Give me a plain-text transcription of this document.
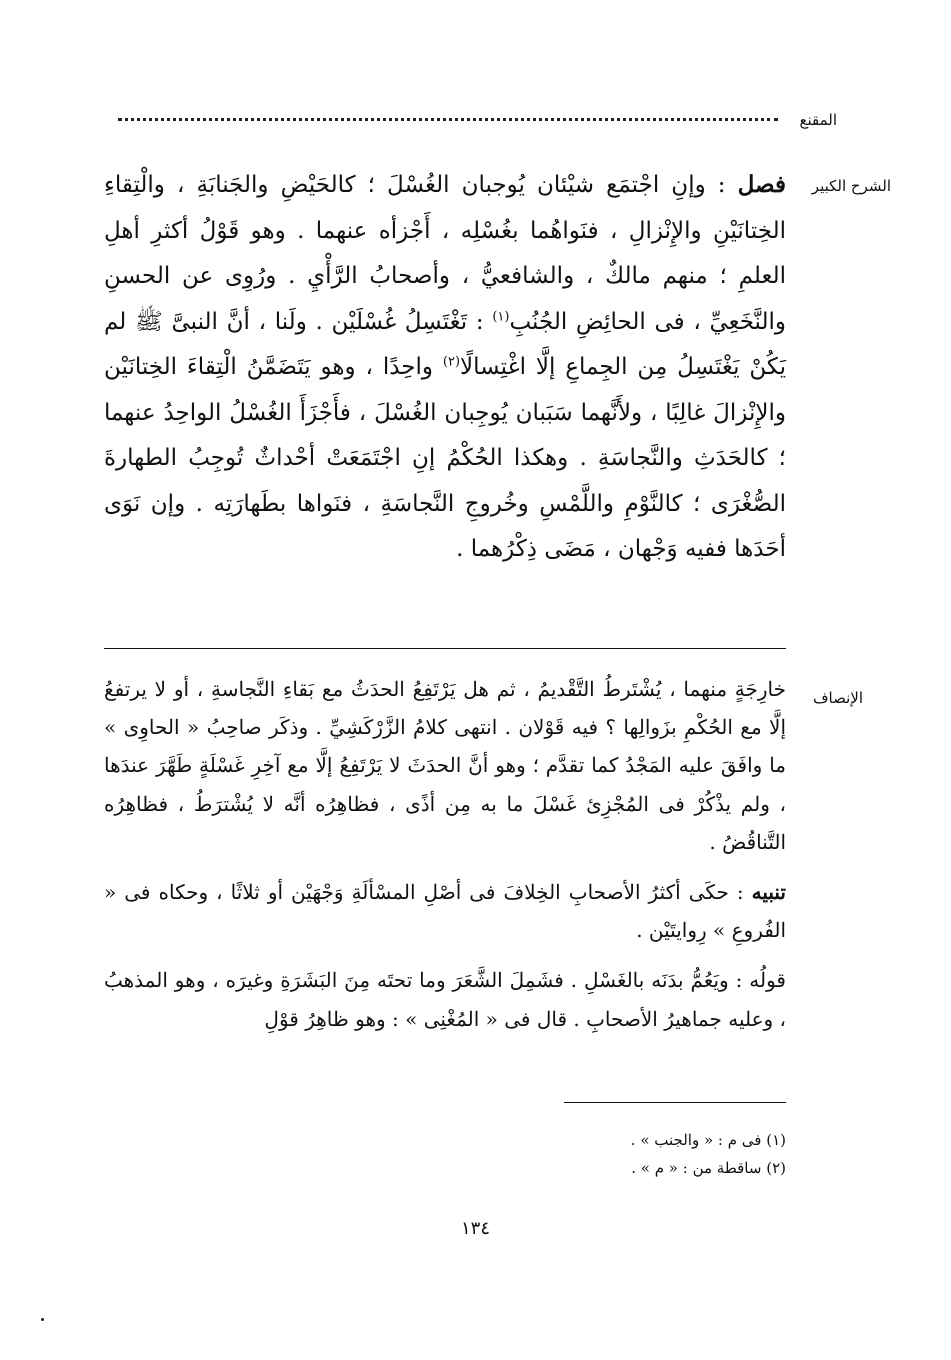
المقنع
الشرح الكبير

فصل : وإنِ اجْتمَع شيْئان يُوجبان الغُسْلَ ؛ كالحَيْضِ والجَنابَةِ ، والْتِقاءِ الخِتانَيْنِ والإِنْزالِ ، فنَواهُما بغُسْلِه ، أَجْزأه عنهما . وهو قَوْلُ أكثرِ أهلِ العلمِ ؛ منهم مالكٌ ، والشافعيُّ ، وأصحابُ الرَّأْيِ . ورُوِى عن الحسنِ والنَّخَعِيِّ ، فى الحائِضِ الجُنُبِ$^{(١)}$ : تَغْتَسِلُ غُسْلَيْن . ولَنا ، أنَّ النبىَّ ﷺ لم يَكُنْ يَغْتَسِلُ مِن الجِماعِ إلَّا اغْتِسالًا$^{(٢)}$ واحِدًا ، وهو يَتَضَمَّنُ الْتِقاءَ الخِتانَيْن والإِنْزالَ غالِبًا ، ولأَنَّهما سَبَبان يُوجِبان الغُسْلَ ، فأَجْزَأَ الغُسْلُ الواحِدُ عنهما ؛ كالحَدَثِ والنَّجاسَةِ . وهكذا الحُكْمُ إنِ اجْتَمَعَتْ أحْداثٌ تُوجِبُ الطهارةَ الصُّغْرَى ؛ كالنَّوْمِ واللَّمْسِ وخُروجِ النَّجاسَةِ ، فنَواها بطَهارَتِه . وإن نَوَى أحَدَها ففيه وَجْهان ، مَضَى ذِكْرُهما .

الإنصاف

خارِجَةٍ منهما ، يُشْتَرطُ التَّقْديمُ ، ثم هل يَرْتَفِعُ الحدَثُ مع بَقاءِ النَّجاسةِ ، أو لا يرتفعُ إلَّا مع الحُكْمِ بزَوالِها ؟ فيه قَوْلان . انتهى كلامُ الزَّرْكَشِيِّ . وذكَر صاحِبُ « الحاوِى » ما وافَقَ عليه المَجْدُ كما تقدَّم ؛ وهو أنَّ الحدَثَ لا يَرْتَفِعُ إلَّا مع آخِرِ غَسْلَةٍ طَهَّرَ عندَها ، ولم يذْكُرْ فى المُجْزِئ غَسْلَ ما به مِن أذًى ، فظاهِرُه أنَّه لا يُشْترَطُ ، فظاهِرُه التَّناقُضُ .

تنبيه : حكَى أكثرُ الأصحابِ الخِلافَ فى أصْلِ المسْألَةِ وَجْهَيْن أو ثلاثًا ، وحكاه فى « الفُروعِ » رِوايتَيْن .

قولُه : ويَعُمُّ بدَنَه بالغَسْلِ . فشَمِلَ الشَّعَرَ وما تحتَه مِنَ البَشَرَةِ وغيرَه ، وهو المذهبُ ، وعليه جماهيرُ الأصحابِ . قال فى « المُغْنِى » : وهو ظاهِرُ قوْلِ

(١) فى م : « والجنب » .
(٢) ساقطة من : « م » .
١٣٤
